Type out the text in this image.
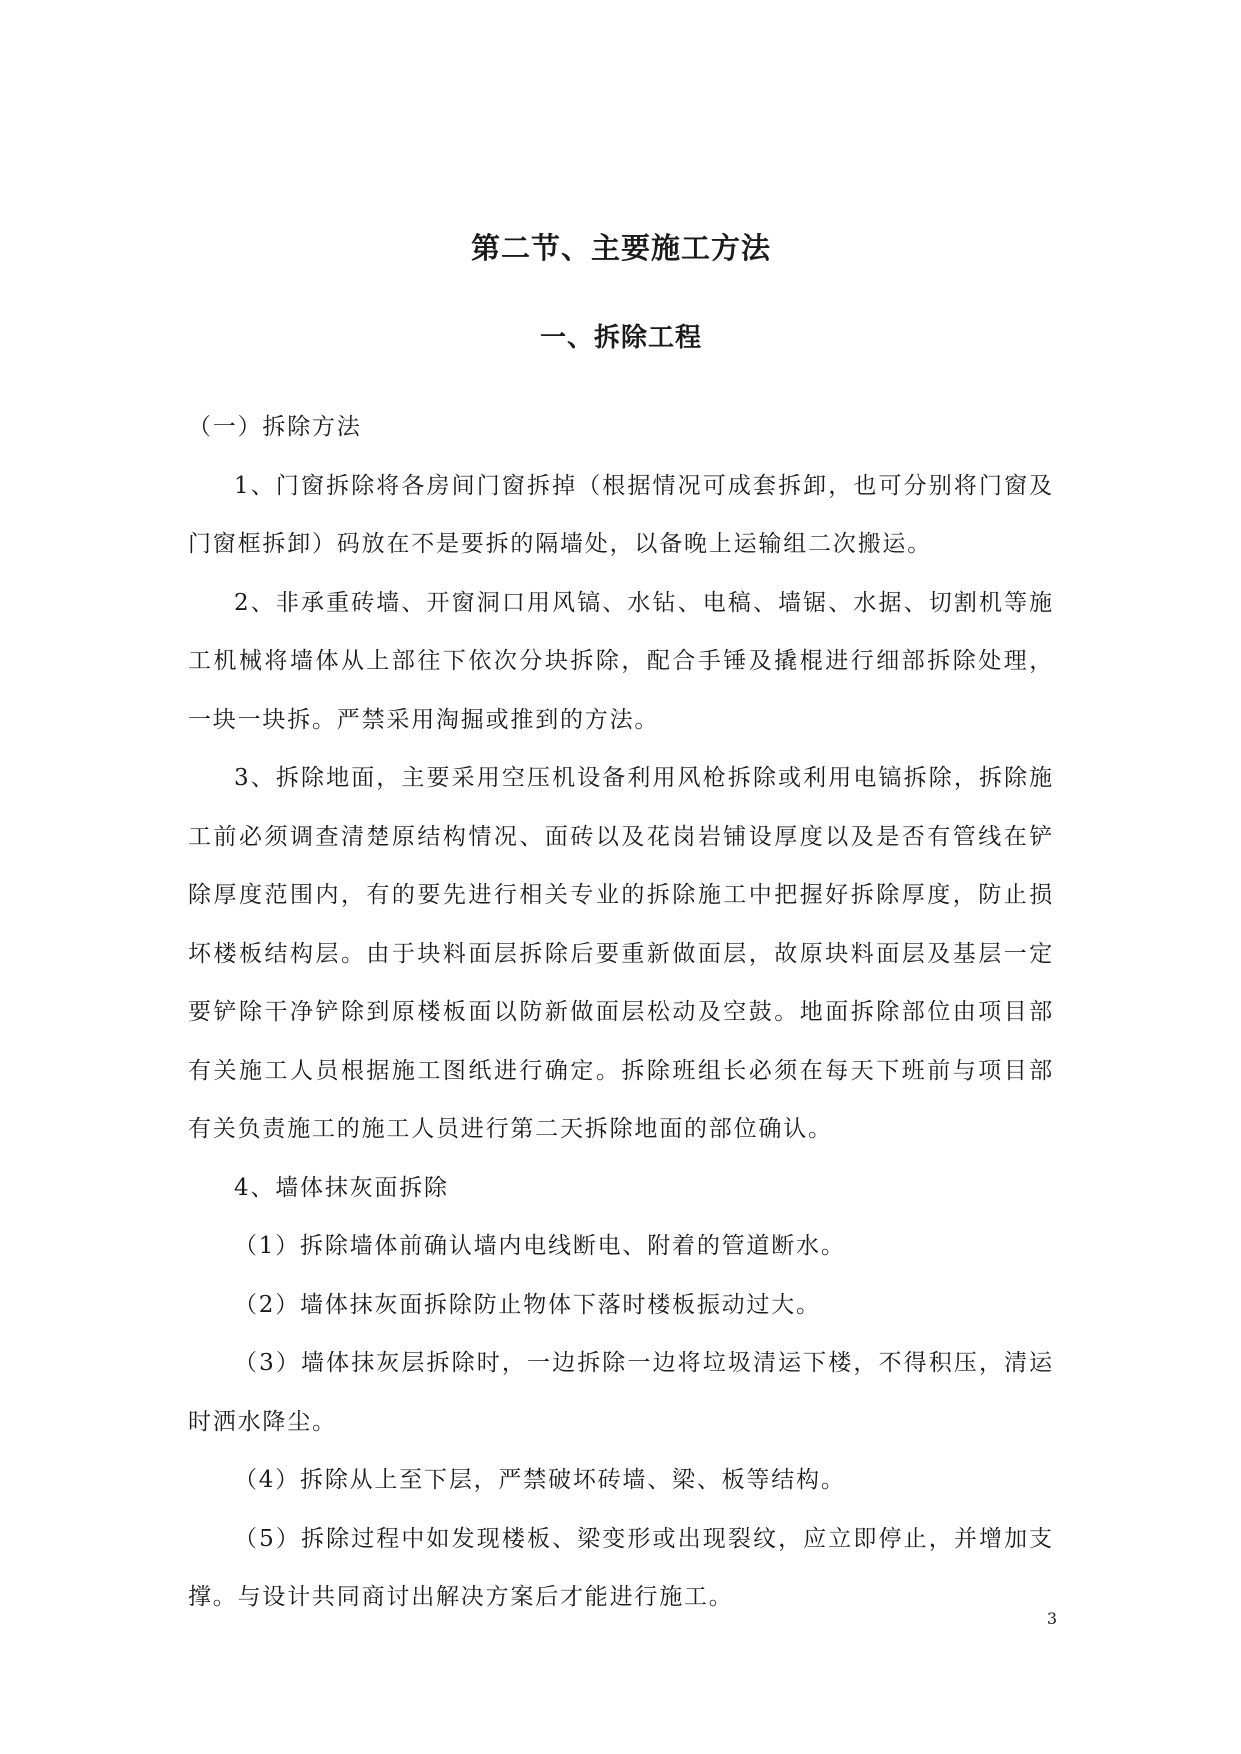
第二节、主要施工方法
一、拆除工程

（一）拆除方法

1、门窗拆除将各房间门窗拆掉（根据情况可成套拆卸，也可分别将门窗及门窗框拆卸）码放在不是要拆的隔墙处，以备晚上运输组二次搬运。

2、非承重砖墙、开窗洞口用风镐、水钻、电稿、墙锯、水据、切割机等施工机械将墙体从上部往下依次分块拆除，配合手锤及撬棍进行细部拆除处理，一块一块拆。严禁采用淘掘或推到的方法。

3、拆除地面，主要采用空压机设备利用风枪拆除或利用电镐拆除，拆除施工前必须调查清楚原结构情况、面砖以及花岗岩铺设厚度以及是否有管线在铲除厚度范围内，有的要先进行相关专业的拆除施工中把握好拆除厚度，防止损坏楼板结构层。由于块料面层拆除后要重新做面层，故原块料面层及基层一定要铲除干净铲除到原楼板面以防新做面层松动及空鼓。地面拆除部位由项目部有关施工人员根据施工图纸进行确定。拆除班组长必须在每天下班前与项目部有关负责施工的施工人员进行第二天拆除地面的部位确认。

4、墙体抹灰面拆除

（1）拆除墙体前确认墙内电线断电、附着的管道断水。

（2）墙体抹灰面拆除防止物体下落时楼板振动过大。

（3）墙体抹灰层拆除时，一边拆除一边将垃圾清运下楼，不得积压，清运时洒水降尘。

（4）拆除从上至下层，严禁破坏砖墙、梁、板等结构。

（5）拆除过程中如发现楼板、梁变形或出现裂纹，应立即停止，并增加支撑。与设计共同商讨出解决方案后才能进行施工。

3
